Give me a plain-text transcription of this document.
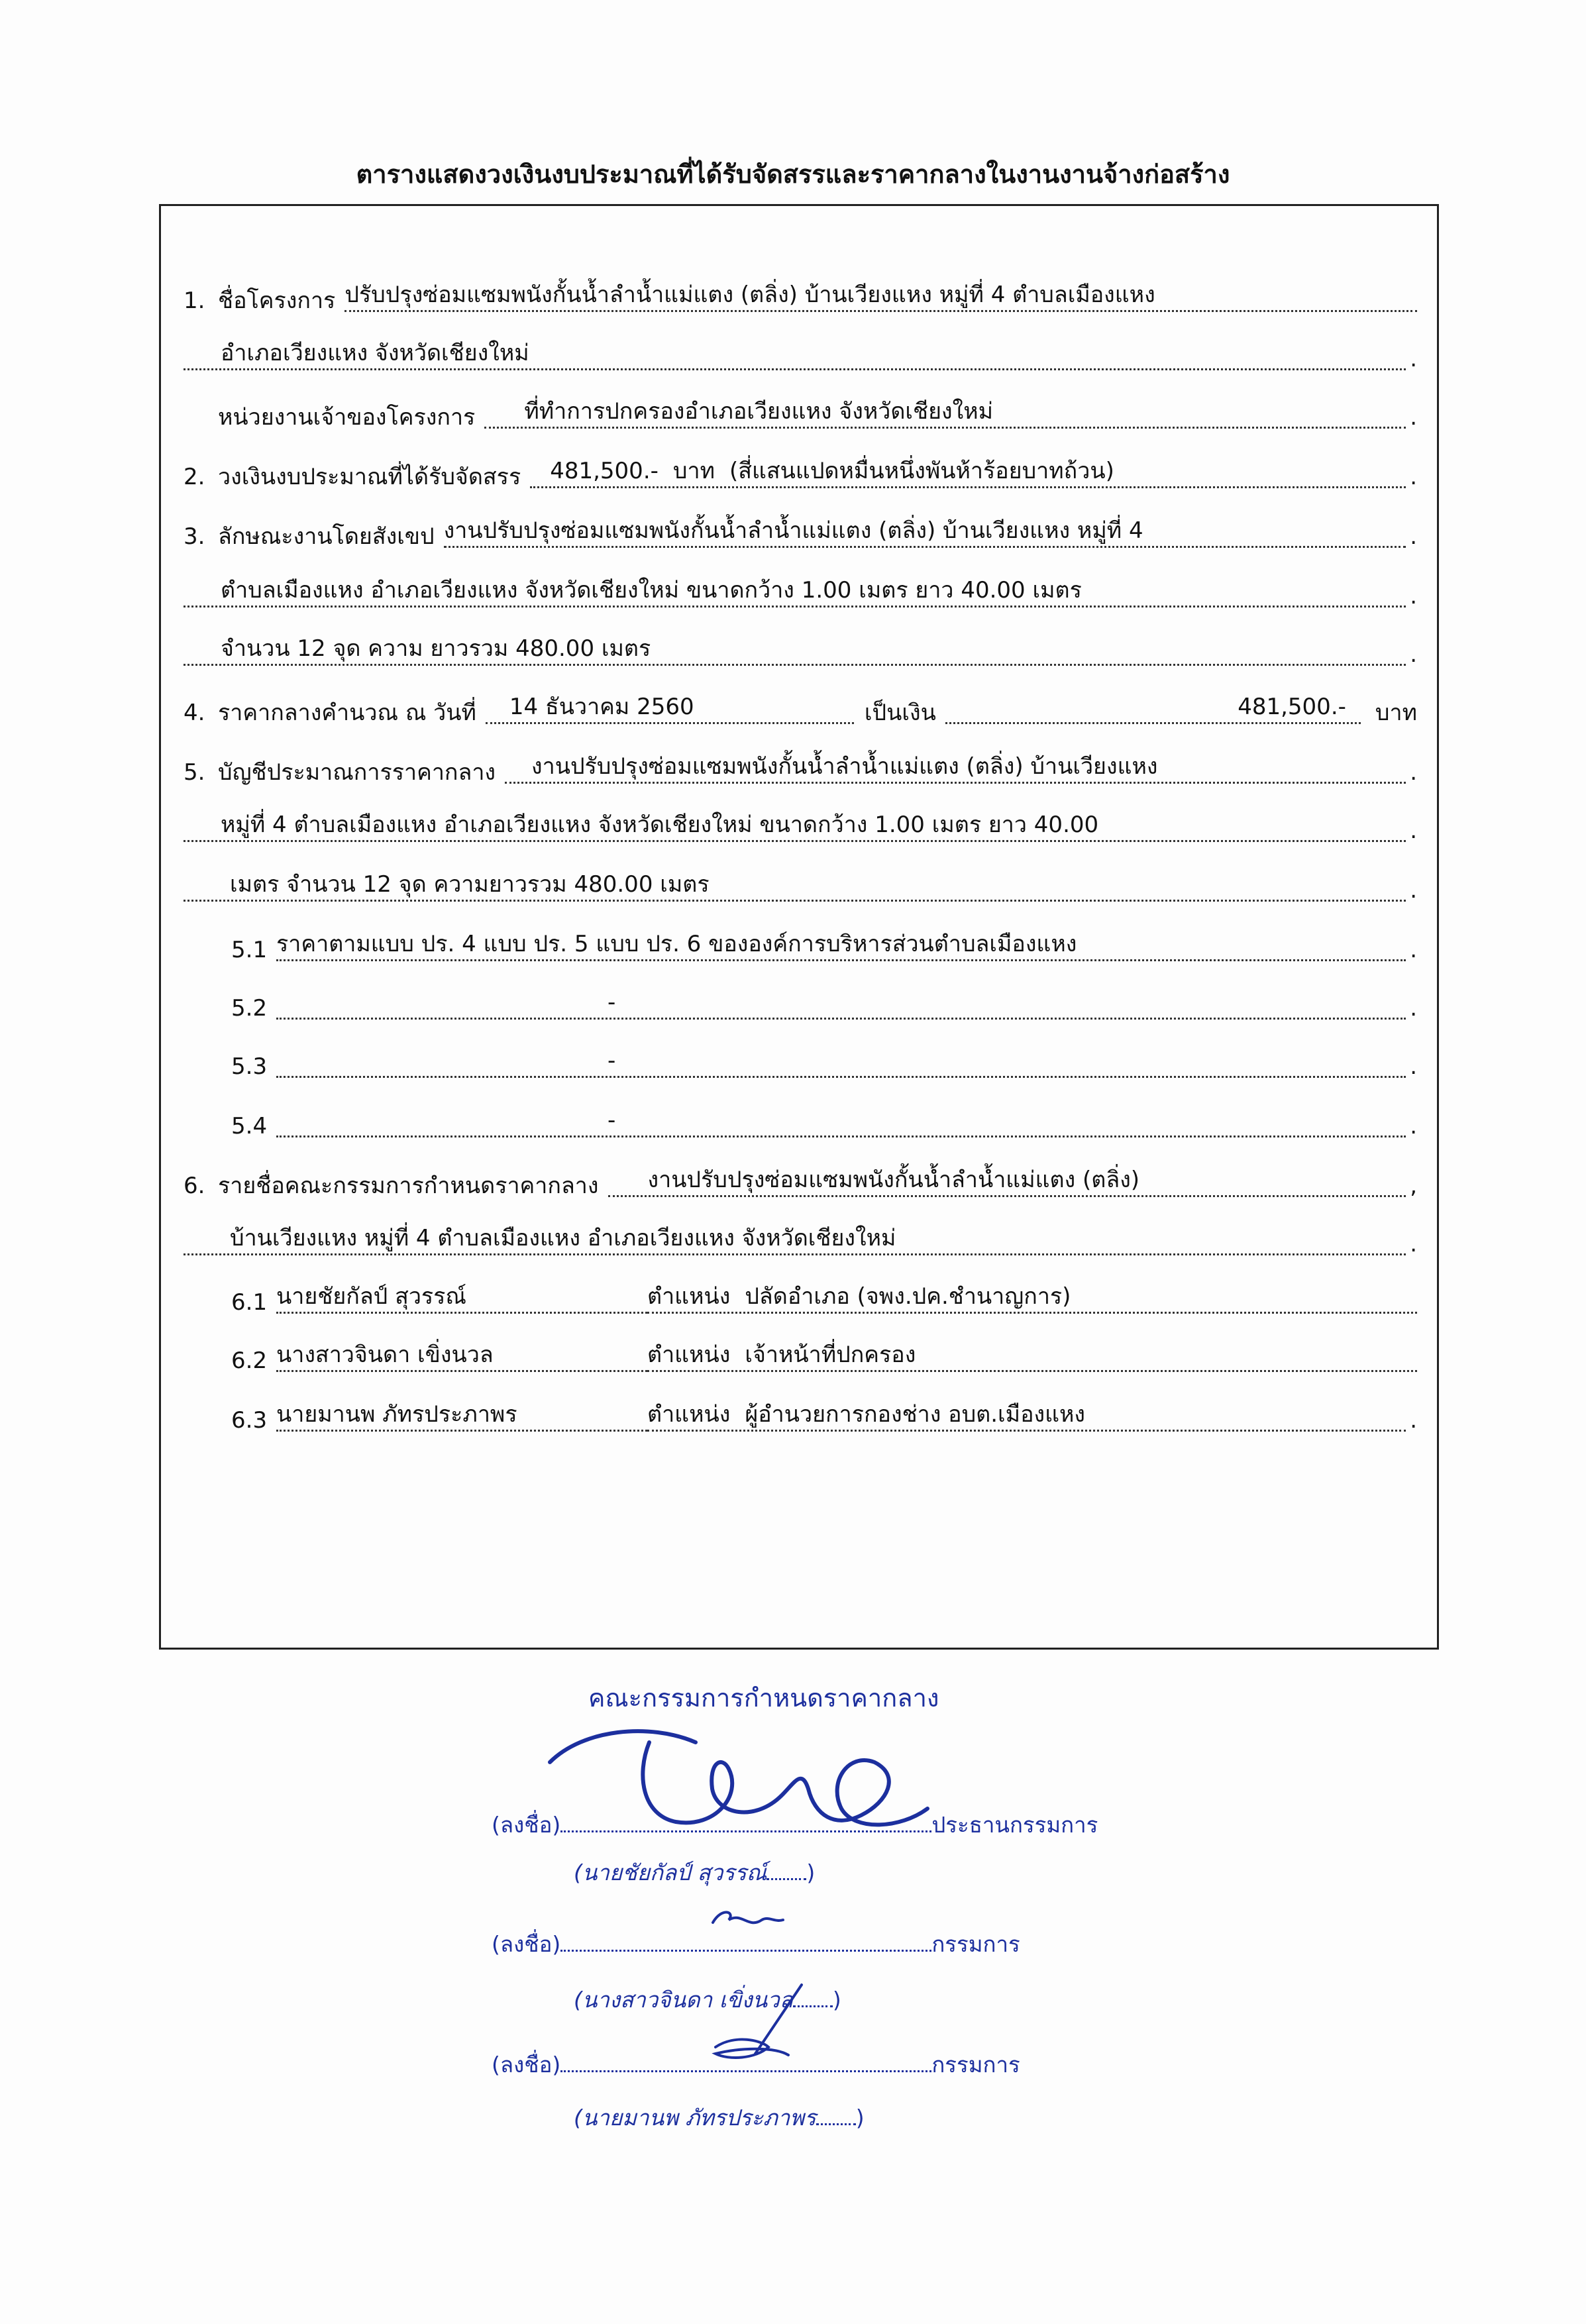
ตารางแสดงวงเงินงบประมาณที่ได้รับจัดสรรและราคากลางในงานงานจ้างก่อสร้าง
1. ชื่อโครงการ ปรับปรุงซ่อมแซมพนังกั้นน้ำลำน้ำแม่แตง (ตลิ่ง) บ้านเวียงแหง หมู่ที่ 4 ตำบลเมืองแหง
อำเภอเวียงแหง จังหวัดเชียงใหม่	.
หน่วยงานเจ้าของโครงการ ที่ทำการปกครองอำเภอเวียงแหง จังหวัดเชียงใหม่	.
2. วงเงินงบประมาณที่ได้รับจัดสรร 481,500.- บาท (สี่แสนแปดหมื่นหนึ่งพันห้าร้อยบาทถ้วน)	.
3. ลักษณะงานโดยสังเขป งานปรับปรุงซ่อมแซมพนังกั้นน้ำลำน้ำแม่แตง (ตลิ่ง) บ้านเวียงแหง หมู่ที่ 4	.
ตำบลเมืองแหง อำเภอเวียงแหง จังหวัดเชียงใหม่ ขนาดกว้าง 1.00 เมตร ยาว 40.00 เมตร	.
จำนวน 12 จุด ความ ยาวรวม 480.00 เมตร	.
4. ราคากลางคำนวณ ณ วันที่ 14 ธันวาคม 2560	เป็นเงิน	481,500.- บาท
5. บัญชีประมาณการราคากลาง งานปรับปรุงซ่อมแซมพนังกั้นน้ำลำน้ำแม่แตง (ตลิ่ง) บ้านเวียงแหง	.
หมู่ที่ 4 ตำบลเมืองแหง อำเภอเวียงแหง จังหวัดเชียงใหม่ ขนาดกว้าง 1.00 เมตร ยาว 40.00	.
เมตร จำนวน 12 จุด ความยาวรวม 480.00 เมตร	.
5.1 ราคาตามแบบ ปร. 4 แบบ ปร. 5 แบบ ปร. 6 ขององค์การบริหารส่วนตำบลเมืองแหง	.
5.2	-	.
5.3	-	.
5.4	-	.
6. รายชื่อคณะกรรมการกำหนดราคากลาง งานปรับปรุงซ่อมแซมพนังกั้นน้ำลำน้ำแม่แตง (ตลิ่ง)	,
บ้านเวียงแหง หมู่ที่ 4 ตำบลเมืองแหง อำเภอเวียงแหง จังหวัดเชียงใหม่	.
6.1 นายชัยกัลป์ สุวรรณ์	ตำแหน่ง ปลัดอำเภอ (จพง.ปค.ชำนาญการ)
6.2 นางสาวจินดา เขิ่งนวล	ตำแหน่ง เจ้าหน้าที่ปกครอง
6.3 นายมานพ ภัทรประภาพร	ตำแหน่ง ผู้อำนวยการกองช่าง อบต.เมืองแหง	.
คณะกรรมการกำหนดราคากลาง
(ลงชื่อ)	ประธานกรรมการ
(นายชัยกัลป์ สุวรรณ์ )
(ลงชื่อ)	กรรมการ
(นางสาวจินดา เขิ่งนวล )
(ลงชื่อ)	กรรมการ
(นายมานพ ภัทรประภาพร )
